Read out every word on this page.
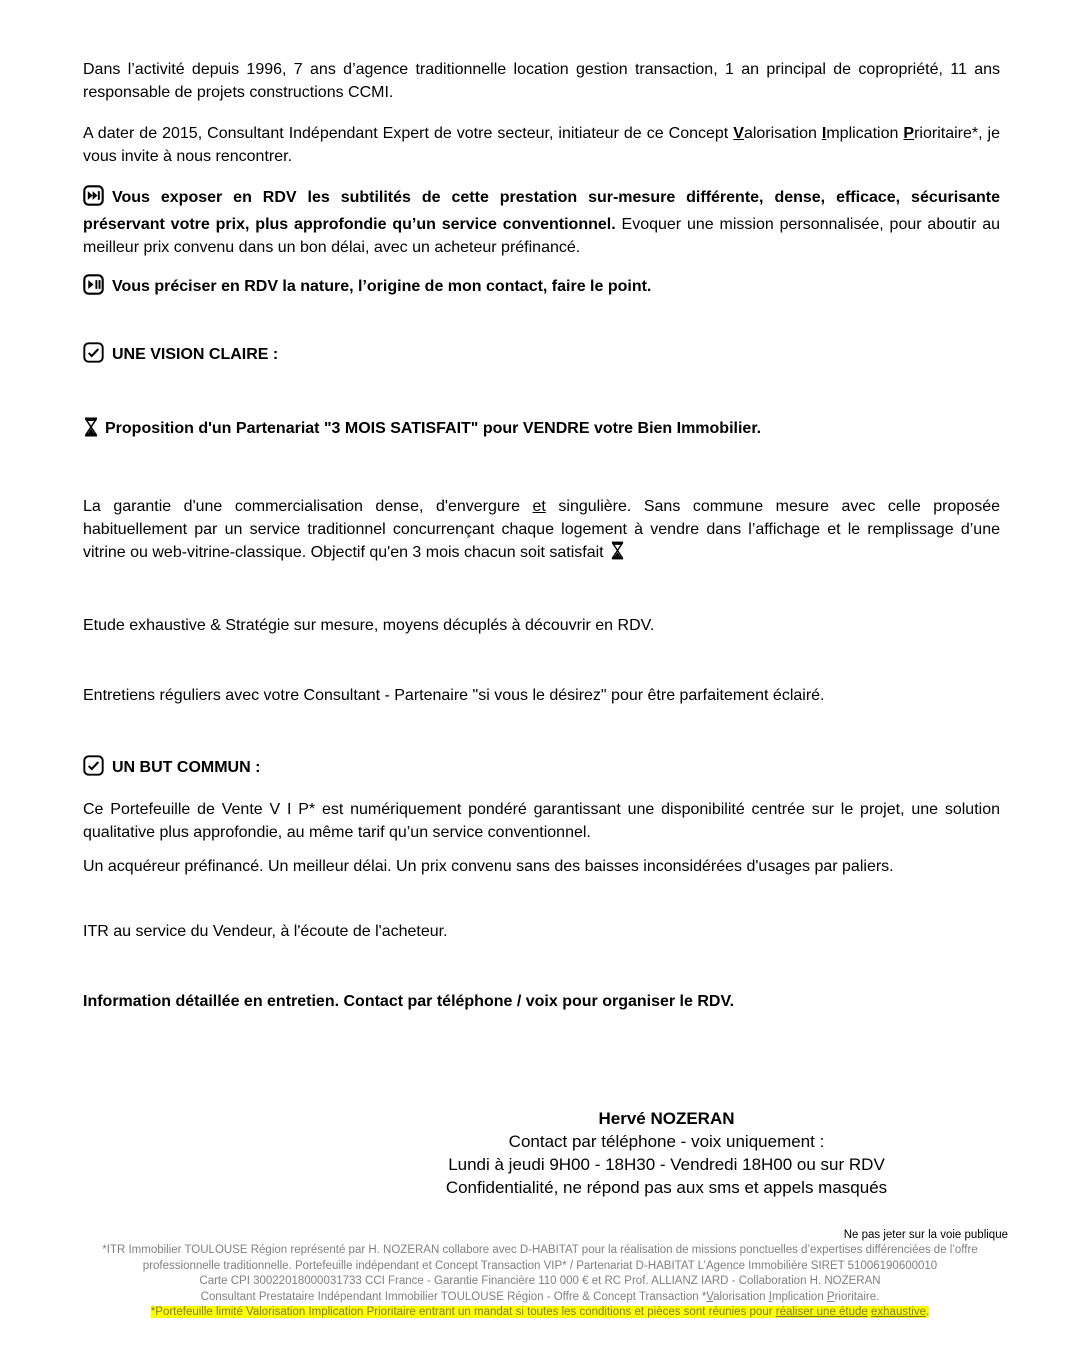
Dans l’activité depuis 1996, 7 ans d’agence traditionnelle location gestion transaction, 1 an principal de copropriété, 11 ans responsable de projets constructions CCMI.

A dater de 2015, Consultant Indépendant Expert de votre secteur, initiateur de ce Concept Valorisation Implication Prioritaire*, je vous invite à nous rencontrer.

Vous exposer en RDV les subtilités de cette prestation sur-mesure différente, dense, efficace, sécurisante préservant votre prix, plus approfondie qu’un service conventionnel. Evoquer une mission personnalisée, pour aboutir au meilleur prix convenu dans un bon délai, avec un acheteur préfinancé.

Vous préciser en RDV la nature, l’origine de mon contact, faire le point.

UNE VISION CLAIRE :

Proposition d'un Partenariat "3 MOIS SATISFAIT" pour VENDRE votre Bien Immobilier.

La garantie d'une commercialisation dense, d'envergure et singulière. Sans commune mesure avec celle proposée habituellement par un service traditionnel concurrençant chaque logement à vendre dans l’affichage et le remplissage d’une vitrine ou web-vitrine-classique. Objectif qu'en 3 mois chacun soit satisfait

Etude exhaustive & Stratégie sur mesure, moyens décuplés à découvrir en RDV.

Entretiens réguliers avec votre Consultant - Partenaire "si vous le désirez" pour être parfaitement éclairé.

UN BUT COMMUN :

Ce Portefeuille de Vente V I P* est numériquement pondéré garantissant une disponibilité centrée sur le projet, une solution qualitative plus approfondie, au même tarif qu’un service conventionnel.

Un acquéreur préfinancé. Un meilleur délai. Un prix convenu sans des baisses inconsidérées d'usages par paliers.

ITR au service du Vendeur, à l'écoute de l'acheteur.

Information détaillée en entretien. Contact par téléphone / voix pour organiser le RDV.

Hervé NOZERAN
Contact par téléphone - voix uniquement :
Lundi à jeudi 9H00 - 18H30 - Vendredi 18H00 ou sur RDV
Confidentialité, ne répond pas aux sms et appels masqués
Ne pas jeter sur la voie publique
*ITR Immobilier TOULOUSE Région représenté par H. NOZERAN collabore avec D-HABITAT pour la réalisation de missions ponctuelles d’expertises différenciées de l’offre professionnelle traditionnelle. Portefeuille indépendant et Concept Transaction VIP* / Partenariat D-HABITAT L’Agence Immobilière SIRET 51006190600010
Carte CPI 30022018000031733 CCI France - Garantie Financière 110 000 € et RC Prof. ALLIANZ IARD - Collaboration H. NOZERAN
Consultant Prestataire Indépendant Immobilier TOULOUSE Région - Offre & Concept Transaction *Valorisation Implication Prioritaire.
*Portefeuille limité Valorisation Implication Prioritaire entrant un mandat si toutes les conditions et pièces sont réunies pour réaliser une étude exhaustive.
